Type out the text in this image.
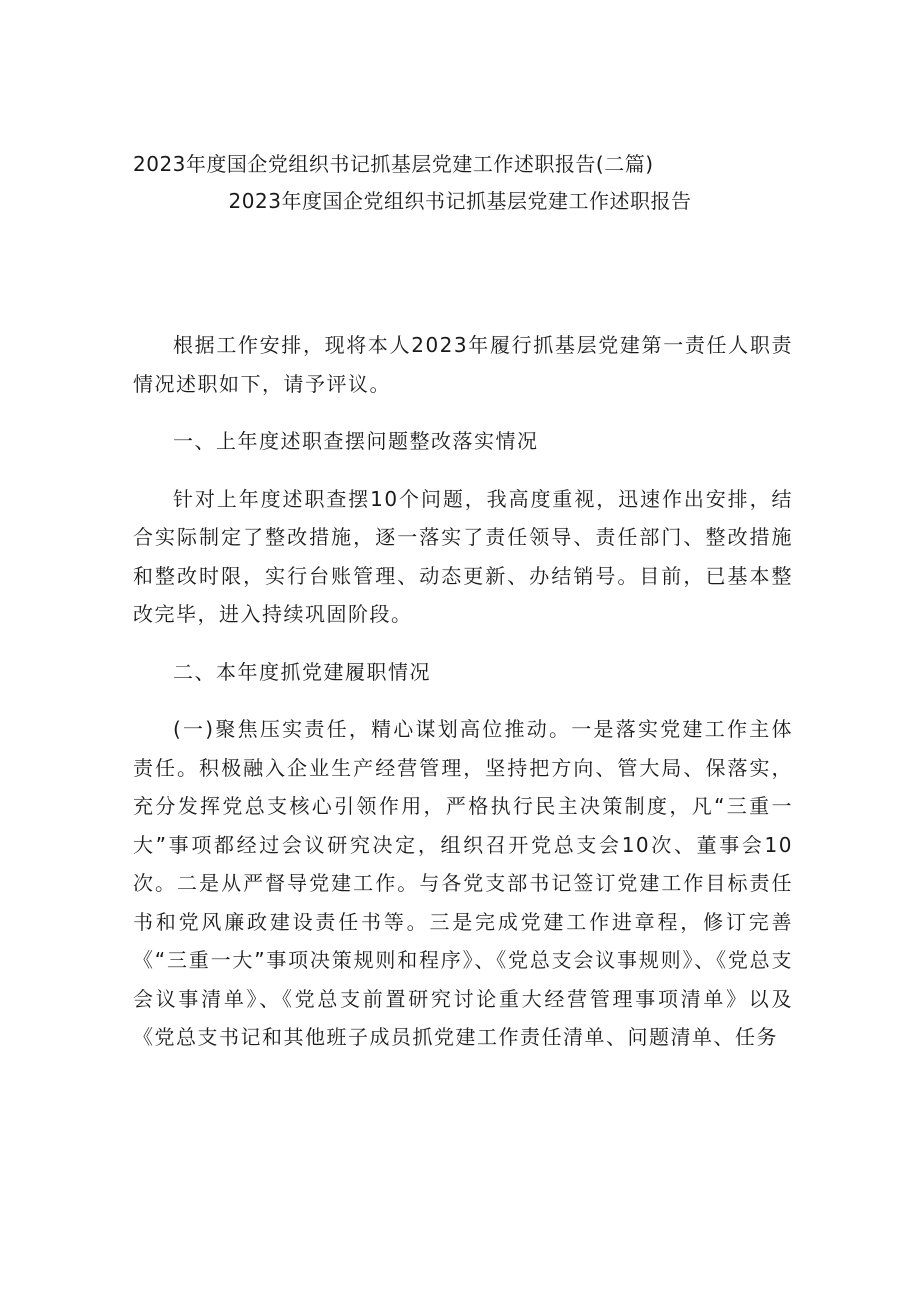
2023年度国企党组织书记抓基层党建工作述职报告(二篇)
2023年度国企党组织书记抓基层党建工作述职报告

根据工作安排，现将本人2023年履行抓基层党建第一责任人职责情况述职如下，请予评议。

一、上年度述职查摆问题整改落实情况

针对上年度述职查摆10个问题，我高度重视，迅速作出安排，结合实际制定了整改措施，逐一落实了责任领导、责任部门、整改措施和整改时限，实行台账管理、动态更新、办结销号。目前，已基本整改完毕，进入持续巩固阶段。

二、本年度抓党建履职情况

(一)聚焦压实责任，精心谋划高位推动。一是落实党建工作主体责任。积极融入企业生产经营管理，坚持把方向、管大局、保落实，充分发挥党总支核心引领作用，严格执行民主决策制度，凡“三重一大”事项都经过会议研究决定，组织召开党总支会10次、董事会10次。二是从严督导党建工作。与各党支部书记签订党建工作目标责任书和党风廉政建设责任书等。三是完成党建工作进章程，修订完善《“三重一大”事项决策规则和程序》、《党总支会议事规则》、《党总支会议事清单》、《党总支前置研究讨论重大经营管理事项清单》以及《党总支书记和其他班子成员抓党建工作责任清单、问题清单、任务
